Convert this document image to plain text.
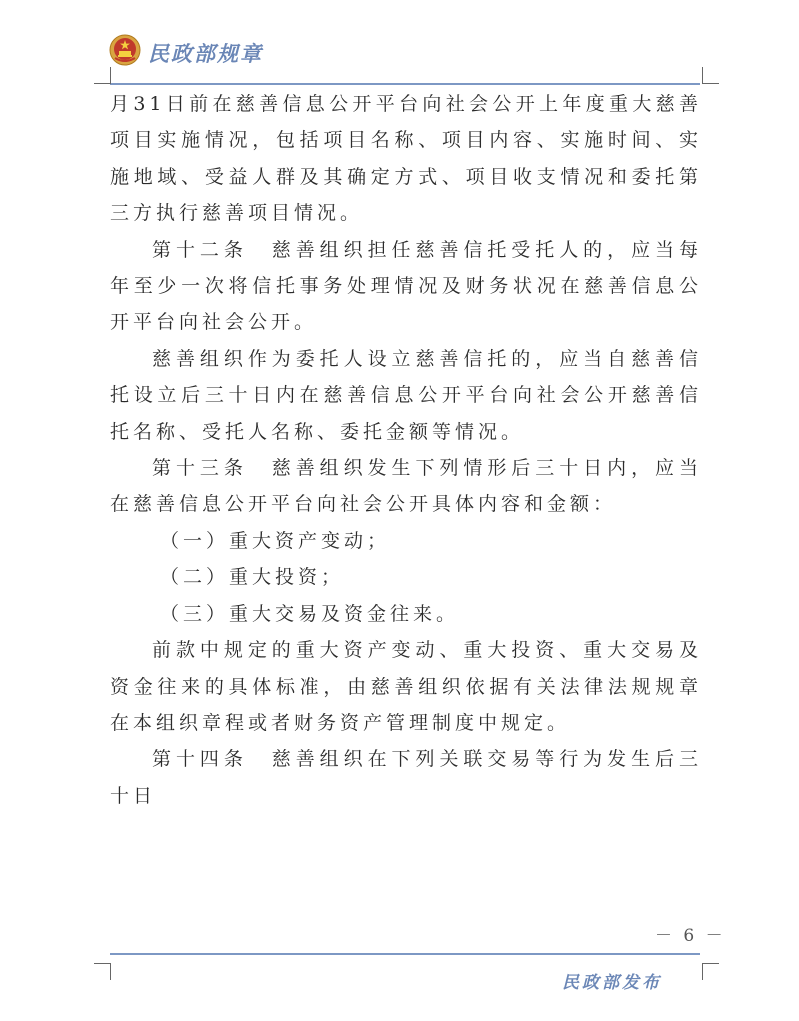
民政部规章

月31日前在慈善信息公开平台向社会公开上年度重大慈善项目实施情况，包括项目名称、项目内容、实施时间、实施地域、受益人群及其确定方式、项目收支情况和委托第三方执行慈善项目情况。

第十二条　慈善组织担任慈善信托受托人的，应当每年至少一次将信托事务处理情况及财务状况在慈善信息公开平台向社会公开。

慈善组织作为委托人设立慈善信托的，应当自慈善信托设立后三十日内在慈善信息公开平台向社会公开慈善信托名称、受托人名称、委托金额等情况。

第十三条　慈善组织发生下列情形后三十日内，应当在慈善信息公开平台向社会公开具体内容和金额：

（一）重大资产变动；

（二）重大投资；

（三）重大交易及资金往来。

前款中规定的重大资产变动、重大投资、重大交易及资金往来的具体标准，由慈善组织依据有关法律法规规章在本组织章程或者财务资产管理制度中规定。

第十四条　慈善组织在下列关联交易等行为发生后三十日

－ 6 －
民政部发布
